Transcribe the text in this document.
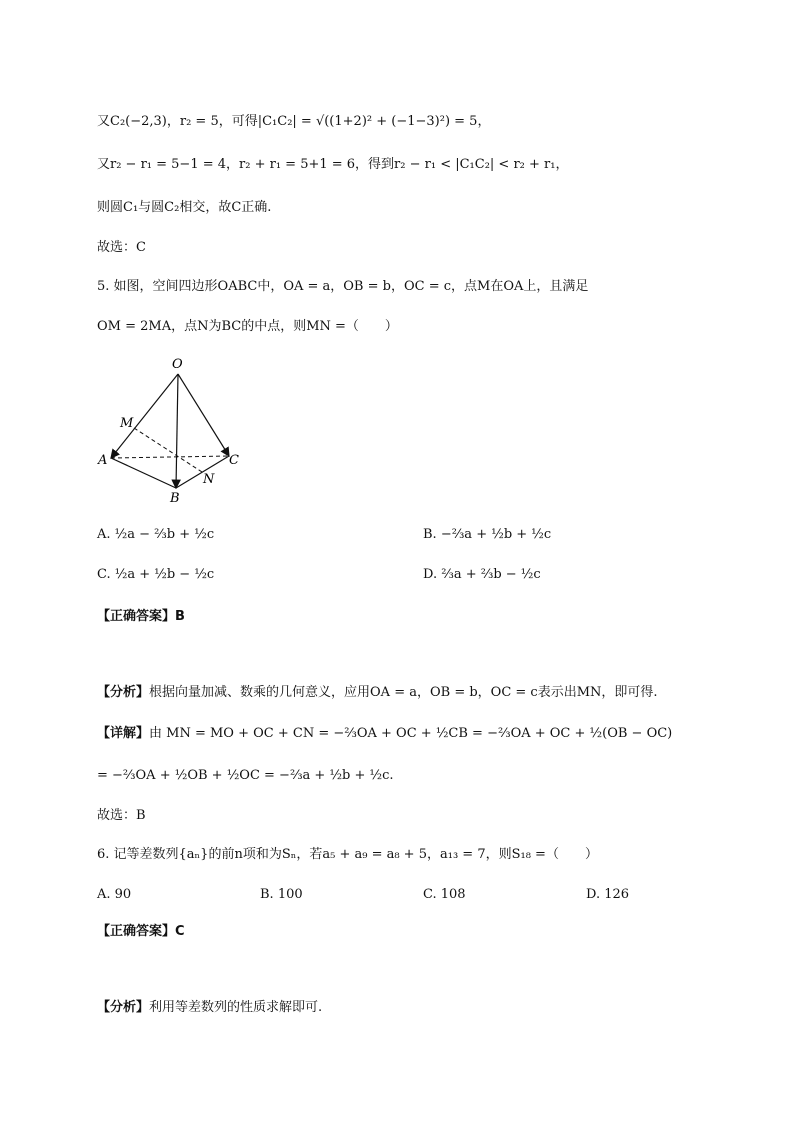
又C₂(−2,3)，r₂ = 5，可得|C₁C₂| = √((1+2)² + (−1−3)²) = 5，
又r₂ − r₁ = 5−1 = 4，r₂ + r₁ = 5+1 = 6，得到r₂ − r₁ < |C₁C₂| < r₂ + r₁，
则圆C₁与圆C₂相交，故C正确.
故选：C
5. 如图，空间四边形OABC中，OA = a，OB = b，OC = c，点M在OA上，且满足
OM = 2MA，点N为BC的中点，则MN =（　　）
O
M
A	C
N
B
A. ½a − ⅔b + ½c	B. −⅔a + ½b + ½c
C. ½a + ½b − ½c	D. ⅔a + ⅔b − ½c
【正确答案】B
【分析】根据向量加减、数乘的几何意义，应用OA = a，OB = b，OC = c表示出MN，即可得.
【详解】由 MN = MO + OC + CN = −⅔OA + OC + ½CB = −⅔OA + OC + ½(OB − OC)
= −⅔OA + ½OB + ½OC = −⅔a + ½b + ½c.
故选：B
6. 记等差数列{aₙ}的前n项和为Sₙ，若a₅ + a₉ = a₈ + 5，a₁₃ = 7，则S₁₈ =（　　）
A. 90	B. 100	C. 108	D. 126
【正确答案】C
【分析】利用等差数列的性质求解即可.
